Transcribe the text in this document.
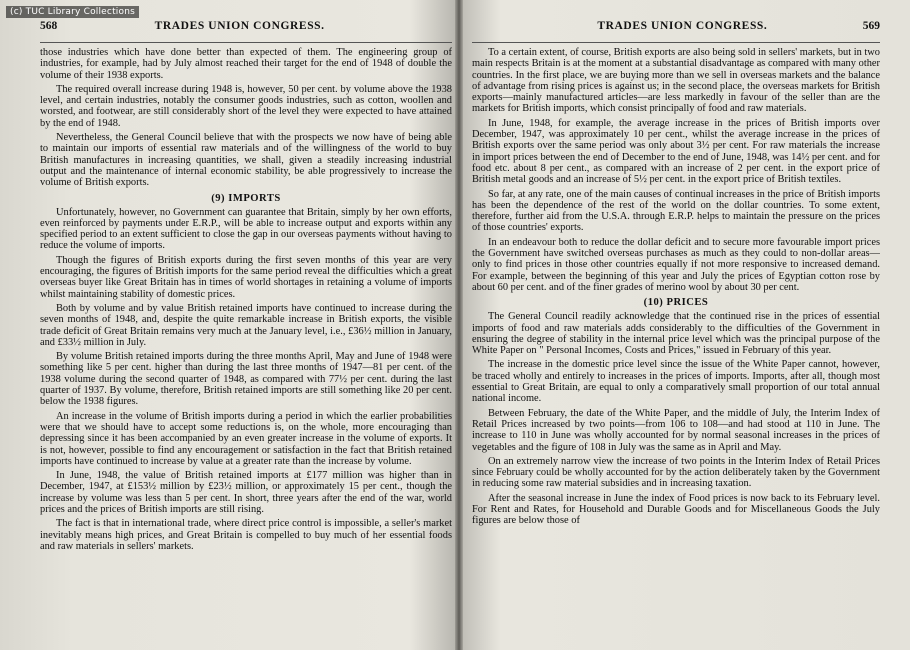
(c) TUC Library Collections
568	TRADES UNION CONGRESS.

those industries which have done better than expected of them. The engineering group of industries, for example, had by July almost reached their target for the end of 1948 of double the volume of their 1938 exports.

The required overall increase during 1948 is, however, 50 per cent. by volume above the 1938 level, and certain industries, notably the consumer goods industries, such as cotton, woollen and worsted, and footwear, are still considerably short of the level they were expected to have attained by the end of 1948.

Nevertheless, the General Council believe that with the prospects we now have of being able to maintain our imports of essential raw materials and of the willingness of the world to buy British manufactures in increasing quantities, we shall, given a steadily increasing industrial output and the maintenance of internal economic stability, be able progressively to increase the volume of British exports.

(9) IMPORTS

Unfortunately, however, no Government can guarantee that Britain, simply by her own efforts, even reinforced by payments under E.R.P., will be able to increase output and exports within any specified period to an extent sufficient to close the gap in our overseas payments without having to reduce the volume of imports.

Though the figures of British exports during the first seven months of this year are very encouraging, the figures of British imports for the same period reveal the difficulties which a great overseas buyer like Great Britain has in times of world shortages in retaining a volume of imports whilst maintaining stability of domestic prices.

Both by volume and by value British retained imports have continued to increase during the seven months of 1948, and, despite the quite remarkable increase in British exports, the visible trade deficit of Great Britain remains very much at the January level, i.e., £36½ million in January, and £33½ million in July.

By volume British retained imports during the three months April, May and June of 1948 were something like 5 per cent. higher than during the last three months of 1947—81 per cent. of the 1938 volume during the second quarter of 1948, as compared with 77½ per cent. during the last quarter of 1937. By volume, therefore, British retained imports are still something like 20 per cent. below the 1938 figures.

An increase in the volume of British imports during a period in which the earlier probabilities were that we should have to accept some reductions is, on the whole, more encouraging than depressing since it has been accompanied by an even greater increase in the volume of exports. It is not, however, possible to find any encouragement or satisfaction in the fact that British retained imports have continued to increase by value at a greater rate than the increase by volume.

In June, 1948, the value of British retained imports at £177 million was higher than in December, 1947, at £153½ million by £23½ million, or approximately 15 per cent., though the increase by volume was less than 5 per cent. In short, three years after the end of the war, world prices and the prices of British imports are still rising.

The fact is that in international trade, where direct price control is impossible, a seller's market inevitably means high prices, and Great Britain is compelled to buy much of her essential foods and raw materials in sellers' markets.

TRADES UNION CONGRESS.	569

To a certain extent, of course, British exports are also being sold in sellers' markets, but in two main respects Britain is at the moment at a substantial disadvantage as compared with many other countries. In the first place, we are buying more than we sell in overseas markets and the balance of advantage from rising prices is against us; in the second place, the overseas markets for British exports—mainly manufactured articles—are less markedly in favour of the seller than are the markets for British imports, which consist principally of food and raw materials.

In June, 1948, for example, the average increase in the prices of British imports over December, 1947, was approximately 10 per cent., whilst the average increase in the prices of British exports over the same period was only about 3½ per cent. For raw materials the increase in import prices between the end of December to the end of June, 1948, was 14½ per cent. and for food etc. about 8 per cent., as compared with an increase of 2 per cent. in the export price of British metal goods and an increase of 5½ per cent. in the export price of British textiles.

So far, at any rate, one of the main causes of continual increases in the price of British imports has been the dependence of the rest of the world on the dollar countries. To some extent, therefore, further aid from the U.S.A. through E.R.P. helps to maintain the pressure on the prices of those countries' exports.

In an endeavour both to reduce the dollar deficit and to secure more favourable import prices the Government have switched overseas purchases as much as they could to non-dollar areas—only to find prices in those other countries equally if not more responsive to increased demand. For example, between the beginning of this year and July the prices of Egyptian cotton rose by about 60 per cent. and of the finer grades of merino wool by about 30 per cent.

(10) PRICES

The General Council readily acknowledge that the continued rise in the prices of essential imports of food and raw materials adds considerably to the difficulties of the Government in ensuring the degree of stability in the internal price level which was the principal purpose of the White Paper on " Personal Incomes, Costs and Prices," issued in February of this year.

The increase in the domestic price level since the issue of the White Paper cannot, however, be traced wholly and entirely to increases in the prices of imports. Imports, after all, though most essential to Great Britain, are equal to only a comparatively small proportion of our total annual national income.

Between February, the date of the White Paper, and the middle of July, the Interim Index of Retail Prices increased by two points—from 106 to 108—and had stood at 110 in June. The increase to 110 in June was wholly accounted for by normal seasonal increases in the prices of vegetables and the figure of 108 in July was the same as in April and May.

On an extremely narrow view the increase of two points in the Interim Index of Retail Prices since February could be wholly accounted for by the action deliberately taken by the Government in reducing some raw material subsidies and in increasing taxation.

After the seasonal increase in June the index of Food prices is now back to its February level. For Rent and Rates, for Household and Durable Goods and for Miscellaneous Goods the July figures are below those of
